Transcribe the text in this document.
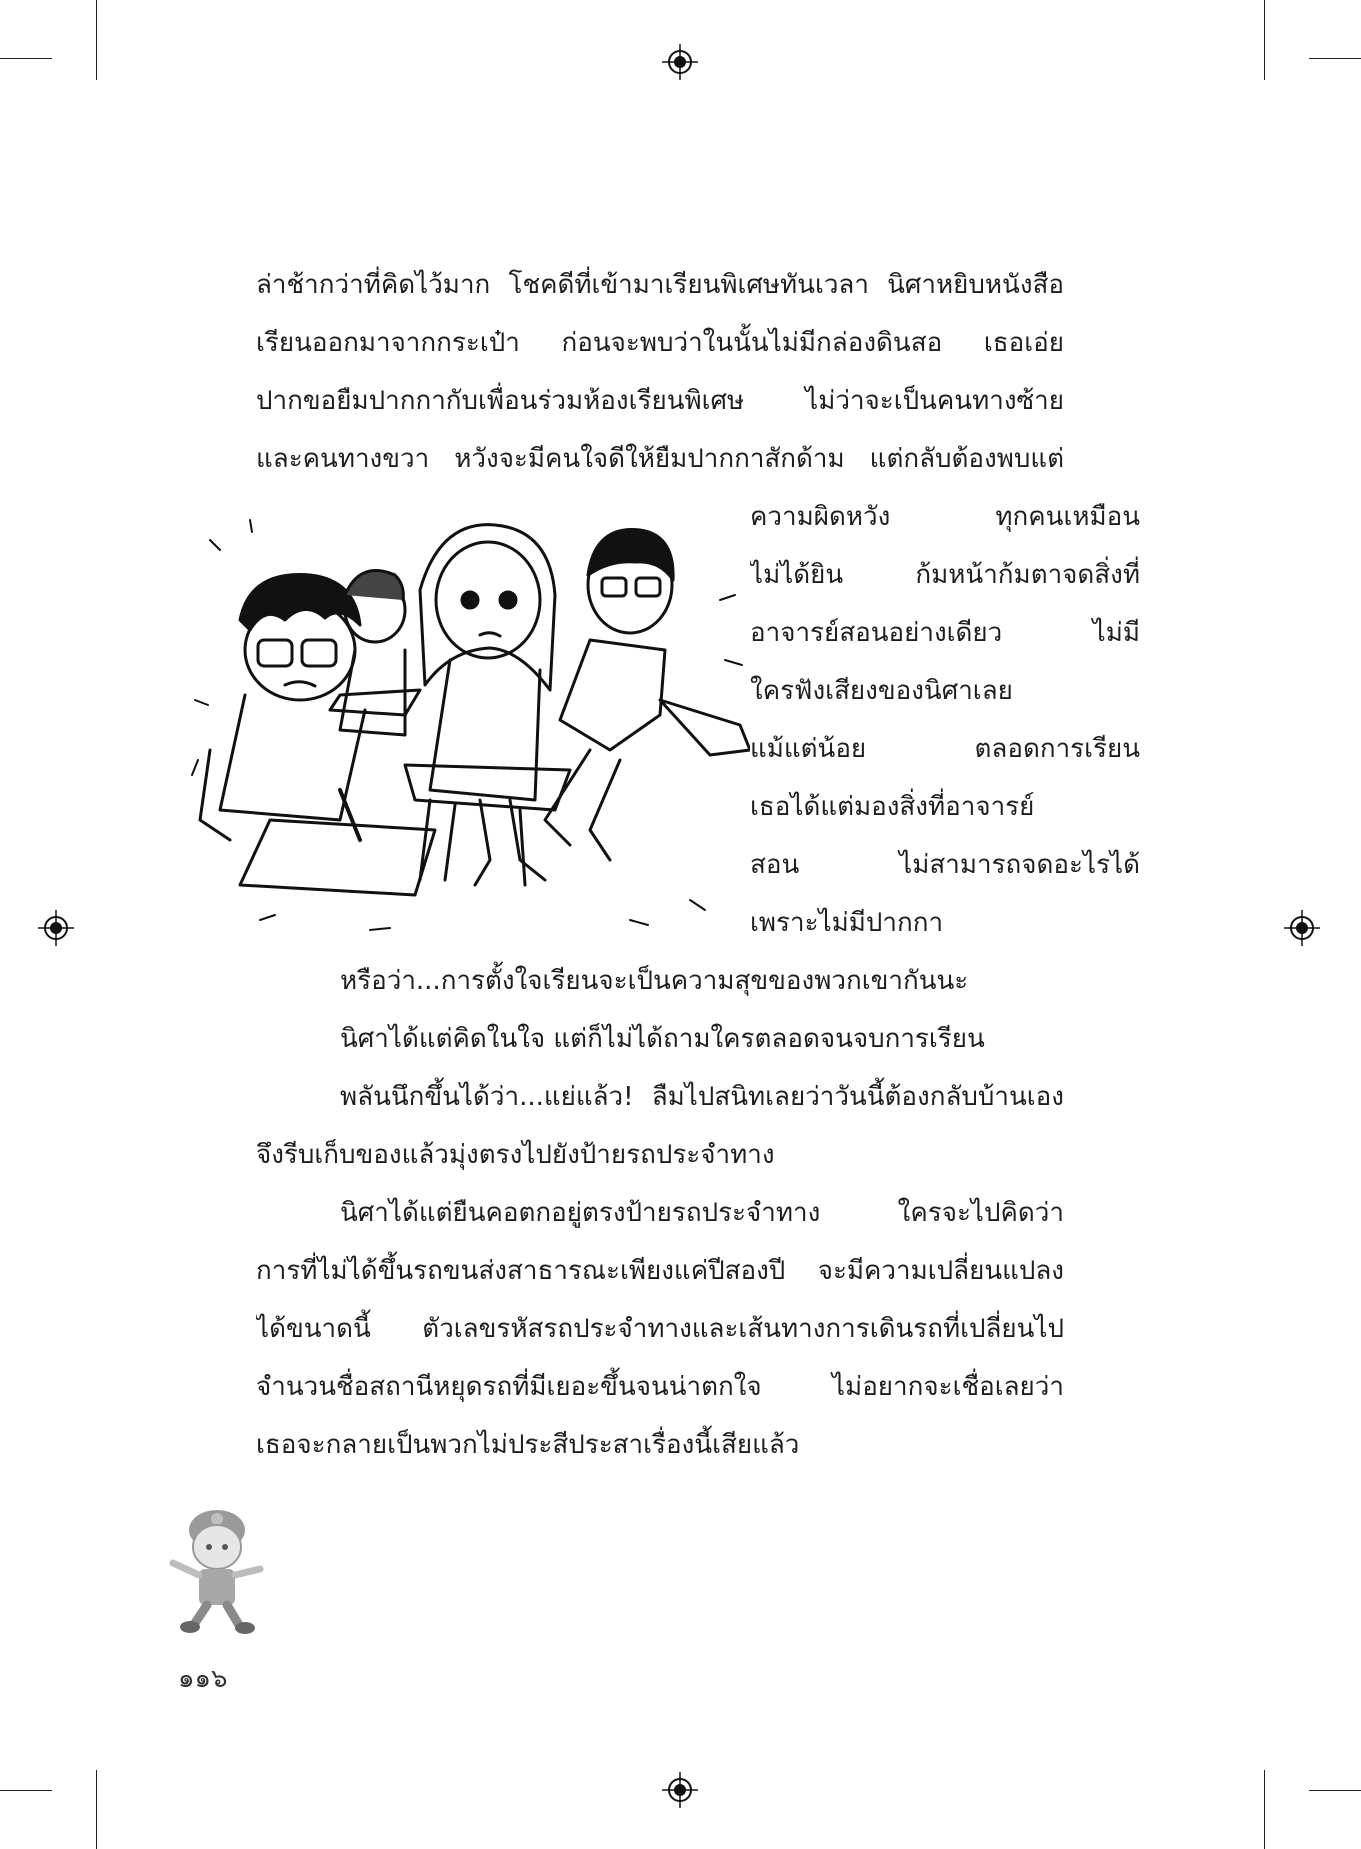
ล่าช้ากว่าที่คิดไว้มาก โชคดีที่เข้ามาเรียนพิเศษทันเวลา นิศาหยิบหนังสือ

เรียนออกมาจากกระเป๋า ก่อนจะพบว่าในนั้นไม่มีกล่องดินสอ เธอเอ่ย

ปากขอยืมปากกากับเพื่อนร่วมห้องเรียนพิเศษ ไม่ว่าจะเป็นคนทางซ้าย

และคนทางขวา หวังจะมีคนใจดีให้ยืมปากกาสักด้าม แต่กลับต้องพบแต่

ความผิดหวัง ทุกคนเหมือน

ไม่ได้ยิน ก้มหน้าก้มตาจดสิ่งที่

อาจารย์สอนอย่างเดียว ไม่มี

ใครฟังเสียงของนิศาเลย

แม้แต่น้อย ตลอดการเรียน

เธอได้แต่มองสิ่งที่อาจารย์

สอน ไม่สามารถจดอะไรได้

เพราะไม่มีปากกา

หรือว่า...การตั้งใจเรียนจะเป็นความสุขของพวกเขากันนะ

นิศาได้แต่คิดในใจ แต่ก็ไม่ได้ถามใครตลอดจนจบการเรียน

พลันนึกขึ้นได้ว่า...แย่แล้ว! ลืมไปสนิทเลยว่าวันนี้ต้องกลับบ้านเอง

จึงรีบเก็บของแล้วมุ่งตรงไปยังป้ายรถประจำทาง

นิศาได้แต่ยืนคอตกอยู่ตรงป้ายรถประจำทาง ใครจะไปคิดว่า

การที่ไม่ได้ขึ้นรถขนส่งสาธารณะเพียงแค่ปีสองปี จะมีความเปลี่ยนแปลง

ได้ขนาดนี้ ตัวเลขรหัสรถประจำทางและเส้นทางการเดินรถที่เปลี่ยนไป

จำนวนชื่อสถานีหยุดรถที่มีเยอะขึ้นจนน่าตกใจ ไม่อยากจะเชื่อเลยว่า

เธอจะกลายเป็นพวกไม่ประสีประสาเรื่องนี้เสียแล้ว

๑๑๖
